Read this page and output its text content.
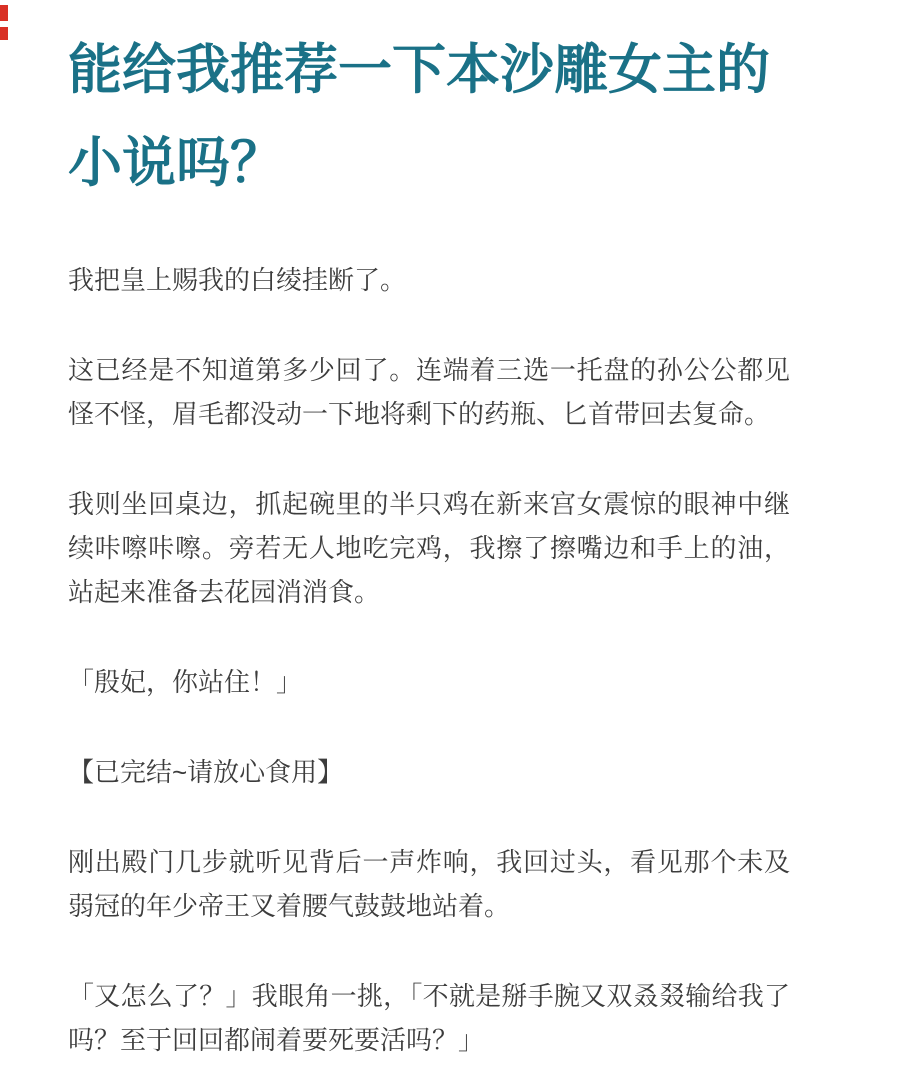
能给我推荐一下本沙雕女主的小说吗？

我把皇上赐我的白绫挂断了。

这已经是不知道第多少回了。连端着三选一托盘的孙公公都见怪不怪，眉毛都没动一下地将剩下的药瓶、匕首带回去复命。

我则坐回桌边，抓起碗里的半只鸡在新来宫女震惊的眼神中继续咔嚓咔嚓。旁若无人地吃完鸡，我擦了擦嘴边和手上的油，站起来准备去花园消消食。

「殷妃，你站住！」

【已完结~请放心食用】

刚出殿门几步就听见背后一声炸响，我回过头，看见那个未及弱冠的年少帝王叉着腰气鼓鼓地站着。

「又怎么了？」我眼角一挑，「不就是掰手腕又双叒叕输给我了吗？至于回回都闹着要死要活吗？」
